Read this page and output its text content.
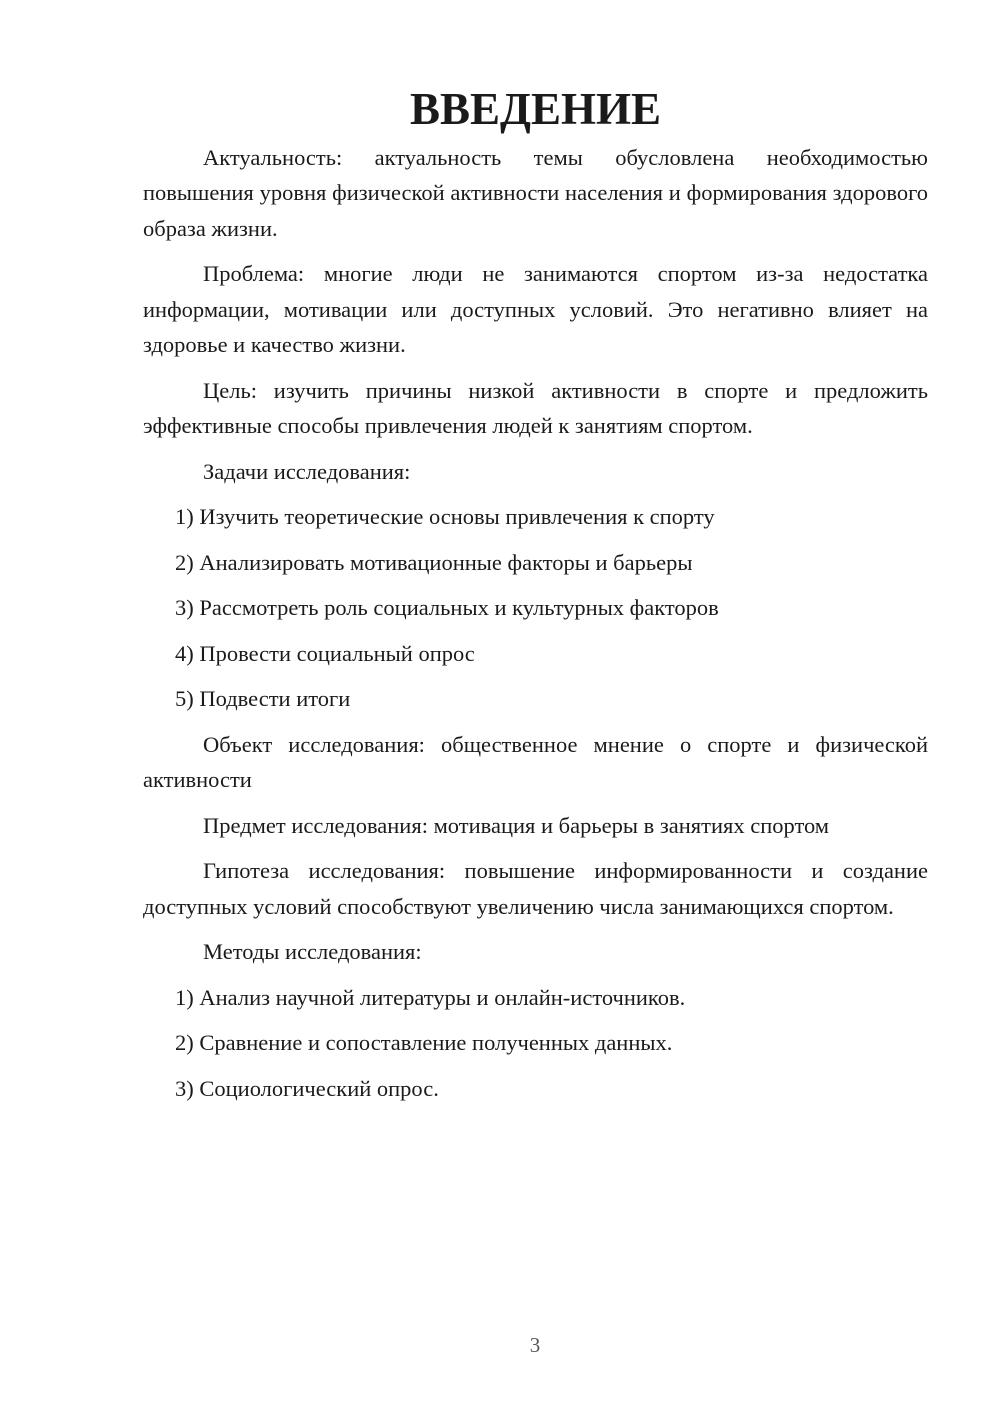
ВВЕДЕНИЕ

Актуальность: актуальность темы обусловлена необходимостью повышения уровня физической активности населения и формирования здорового образа жизни.

Проблема: многие люди не занимаются спортом из-за недостатка информации, мотивации или доступных условий. Это негативно влияет на здоровье и качество жизни.

Цель: изучить причины низкой активности в спорте и предложить эффективные способы привлечения людей к занятиям спортом.

Задачи исследования:

1) Изучить теоретические основы привлечения к спорту
2) Анализировать мотивационные факторы и барьеры
3) Рассмотреть роль социальных и культурных факторов
4) Провести социальный опрос
5) Подвести итоги

Объект исследования: общественное мнение о спорте и физической активности

Предмет исследования: мотивация и барьеры в занятиях спортом

Гипотеза исследования: повышение информированности и создание доступных условий способствуют увеличению числа занимающихся спортом.

Методы исследования:

1) Анализ научной литературы и онлайн-источников.
2) Сравнение и сопоставление полученных данных.
3) Социологический опрос.
3
